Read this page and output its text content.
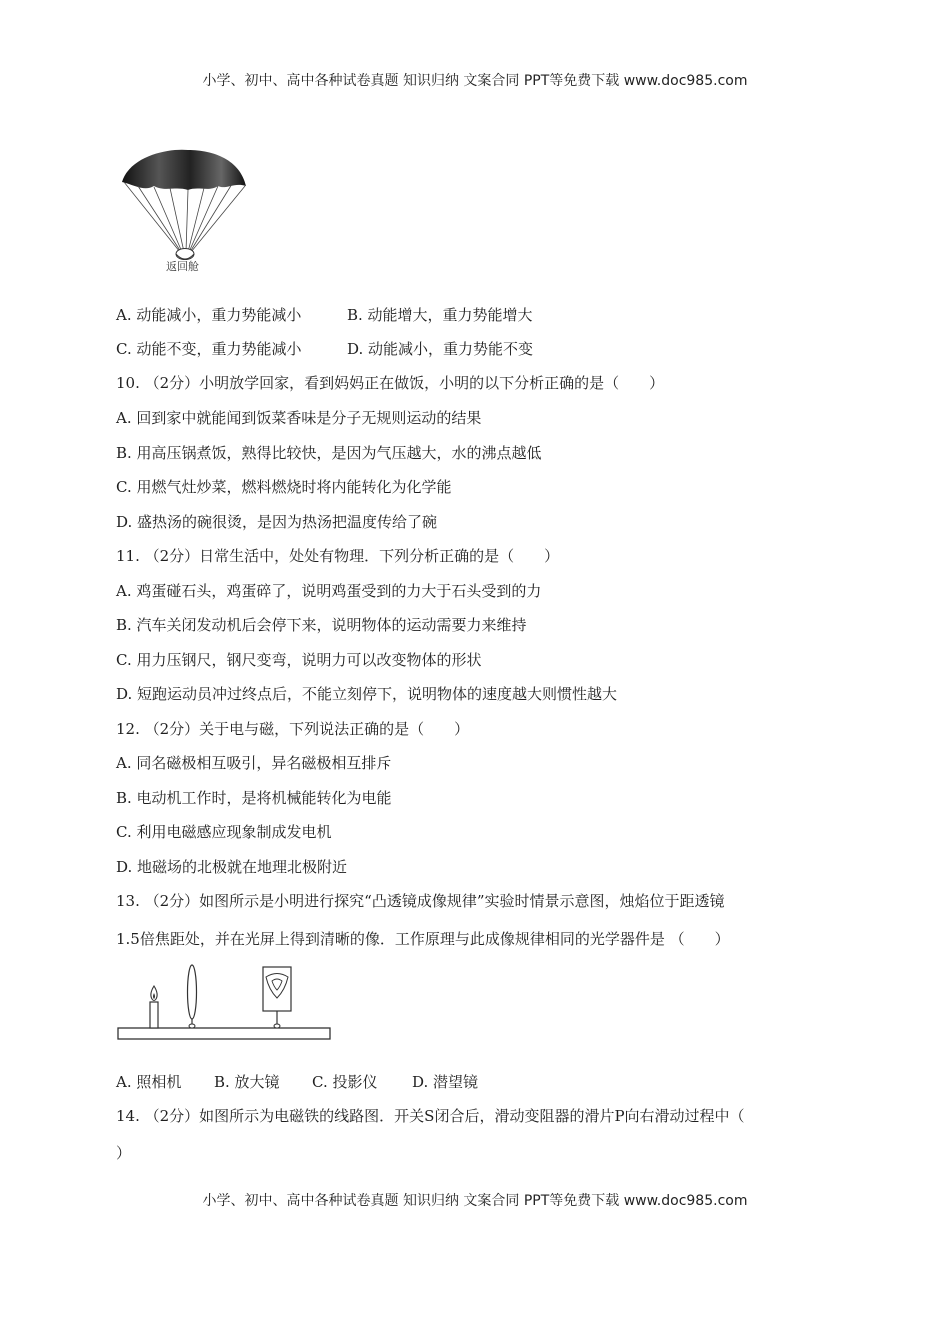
小学、初中、高中各种试卷真题 知识归纳 文案合同 PPT等免费下载 www.doc985.com
返回舱
A. 动能减小，重力势能减小	B. 动能增大，重力势能增大
C. 动能不变，重力势能减小	D. 动能减小，重力势能不变
10. （2分）小明放学回家，看到妈妈正在做饭，小明的以下分析正确的是（　　）
A. 回到家中就能闻到饭菜香味是分子无规则运动的结果
B. 用高压锅煮饭，熟得比较快，是因为气压越大，水的沸点越低
C. 用燃气灶炒菜，燃料燃烧时将内能转化为化学能
D. 盛热汤的碗很烫，是因为热汤把温度传给了碗
11. （2分）日常生活中，处处有物理．下列分析正确的是（　　）
A. 鸡蛋碰石头，鸡蛋碎了，说明鸡蛋受到的力大于石头受到的力
B. 汽车关闭发动机后会停下来，说明物体的运动需要力来维持
C. 用力压钢尺，钢尺变弯，说明力可以改变物体的形状
D. 短跑运动员冲过终点后，不能立刻停下，说明物体的速度越大则惯性越大
12. （2分）关于电与磁，下列说法正确的是（　　）
A. 同名磁极相互吸引，异名磁极相互排斥
B. 电动机工作时，是将机械能转化为电能
C. 利用电磁感应现象制成发电机
D. 地磁场的北极就在地理北极附近
13. （2分）如图所示是小明进行探究“凸透镜成像规律”实验时情景示意图，烛焰位于距透镜
1.5倍焦距处，并在光屏上得到清晰的像．工作原理与此成像规律相同的光学器件是 （　　）
A. 照相机 B. 放大镜 C. 投影仪 D. 潜望镜
14. （2分）如图所示为电磁铁的线路图．开关S闭合后，滑动变阻器的滑片P向右滑动过程中（
）
小学、初中、高中各种试卷真题 知识归纳 文案合同 PPT等免费下载 www.doc985.com
